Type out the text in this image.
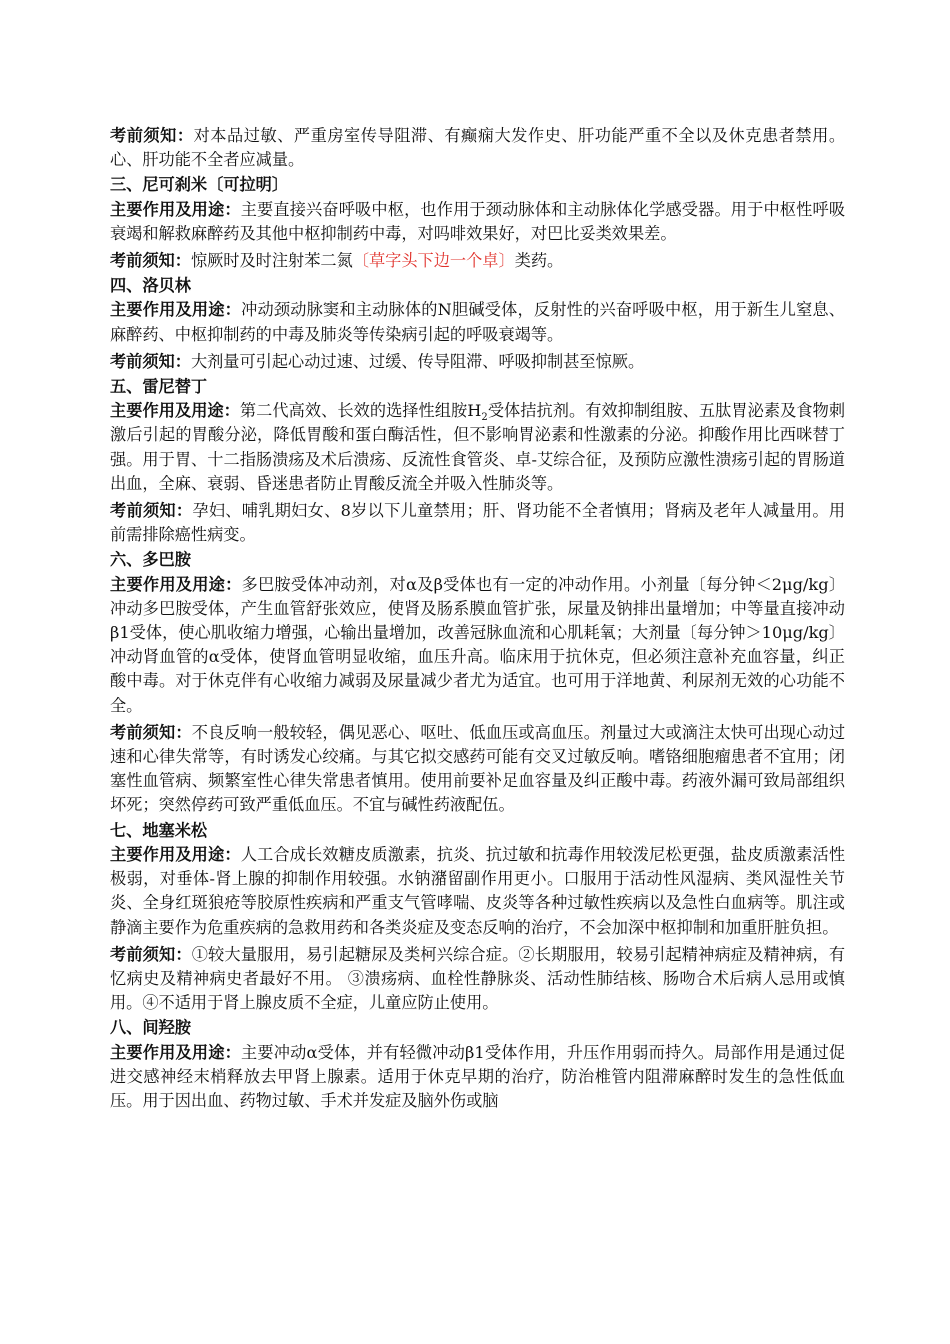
考前须知：对本品过敏、严重房室传导阻滞、有癫痫大发作史、肝功能严重不全以及休克患者禁用。心、肝功能不全者应减量。

三、尼可刹米〔可拉明〕

主要作用及用途：主要直接兴奋呼吸中枢，也作用于颈动脉体和主动脉体化学感受器。用于中枢性呼吸衰竭和解救麻醉药及其他中枢抑制药中毒，对吗啡效果好，对巴比妥类效果差。

考前须知：惊厥时及时注射苯二氮〔草字头下边一个卓〕类药。

四、洛贝林

主要作用及用途：冲动颈动脉窦和主动脉体的N胆碱受体，反射性的兴奋呼吸中枢，用于新生儿窒息、麻醉药、中枢抑制药的中毒及肺炎等传染病引起的呼吸衰竭等。

考前须知：大剂量可引起心动过速、过缓、传导阻滞、呼吸抑制甚至惊厥。

五、雷尼替丁

主要作用及用途：第二代高效、长效的选择性组胺$H_2$受体拮抗剂。有效抑制组胺、五肽胃泌素及食物刺激后引起的胃酸分泌，降低胃酸和蛋白酶活性，但不影响胃泌素和性激素的分泌。抑酸作用比西咪替丁强。用于胃、十二指肠溃疡及术后溃疡、反流性食管炎、卓-艾综合征，及预防应激性溃疡引起的胃肠道出血，全麻、衰弱、昏迷患者防止胃酸反流全并吸入性肺炎等。

考前须知：孕妇、哺乳期妇女、8岁以下儿童禁用；肝、肾功能不全者慎用；肾病及老年人减量用。用前需排除癌性病变。

六、多巴胺

主要作用及用途：多巴胺受体冲动剂，对α及β受体也有一定的冲动作用。小剂量〔每分钟＜2μg/kg〕冲动多巴胺受体，产生血管舒张效应，使肾及肠系膜血管扩张，尿量及钠排出量增加；中等量直接冲动β1受体，使心肌收缩力增强，心输出量增加，改善冠脉血流和心肌耗氧；大剂量〔每分钟＞10μg/kg〕冲动肾血管的α受体，使肾血管明显收缩，血压升高。临床用于抗休克，但必须注意补充血容量，纠正酸中毒。对于休克伴有心收缩力减弱及尿量减少者尤为适宜。也可用于洋地黄、利尿剂无效的心功能不全。

考前须知：不良反响一般较轻，偶见恶心、呕吐、低血压或高血压。剂量过大或滴注太快可出现心动过速和心律失常等，有时诱发心绞痛。与其它拟交感药可能有交叉过敏反响。嗜铬细胞瘤患者不宜用；闭塞性血管病、频繁室性心律失常患者慎用。使用前要补足血容量及纠正酸中毒。药液外漏可致局部组织坏死；突然停药可致严重低血压。不宜与碱性药液配伍。

七、地塞米松

主要作用及用途：人工合成长效糖皮质激素，抗炎、抗过敏和抗毒作用较泼尼松更强，盐皮质激素活性极弱，对垂体-肾上腺的抑制作用较强。水钠潴留副作用更小。口服用于活动性风湿病、类风湿性关节炎、全身红斑狼疮等胶原性疾病和严重支气管哮喘、皮炎等各种过敏性疾病以及急性白血病等。肌注或静滴主要作为危重疾病的急救用药和各类炎症及变态反响的治疗，不会加深中枢抑制和加重肝脏负担。

考前须知：①较大量服用，易引起糖尿及类柯兴综合症。②长期服用，较易引起精神病症及精神病，有忆病史及精神病史者最好不用。 ③溃疡病、血栓性静脉炎、活动性肺结核、肠吻合术后病人忌用或慎用。④不适用于肾上腺皮质不全症，儿童应防止使用。

八、间羟胺

主要作用及用途：主要冲动α受体，并有轻微冲动β1受体作用，升压作用弱而持久。局部作用是通过促进交感神经末梢释放去甲肾上腺素。适用于休克早期的治疗，防治椎管内阻滞麻醉时发生的急性低血压。用于因出血、药物过敏、手术并发症及脑外伤或脑
